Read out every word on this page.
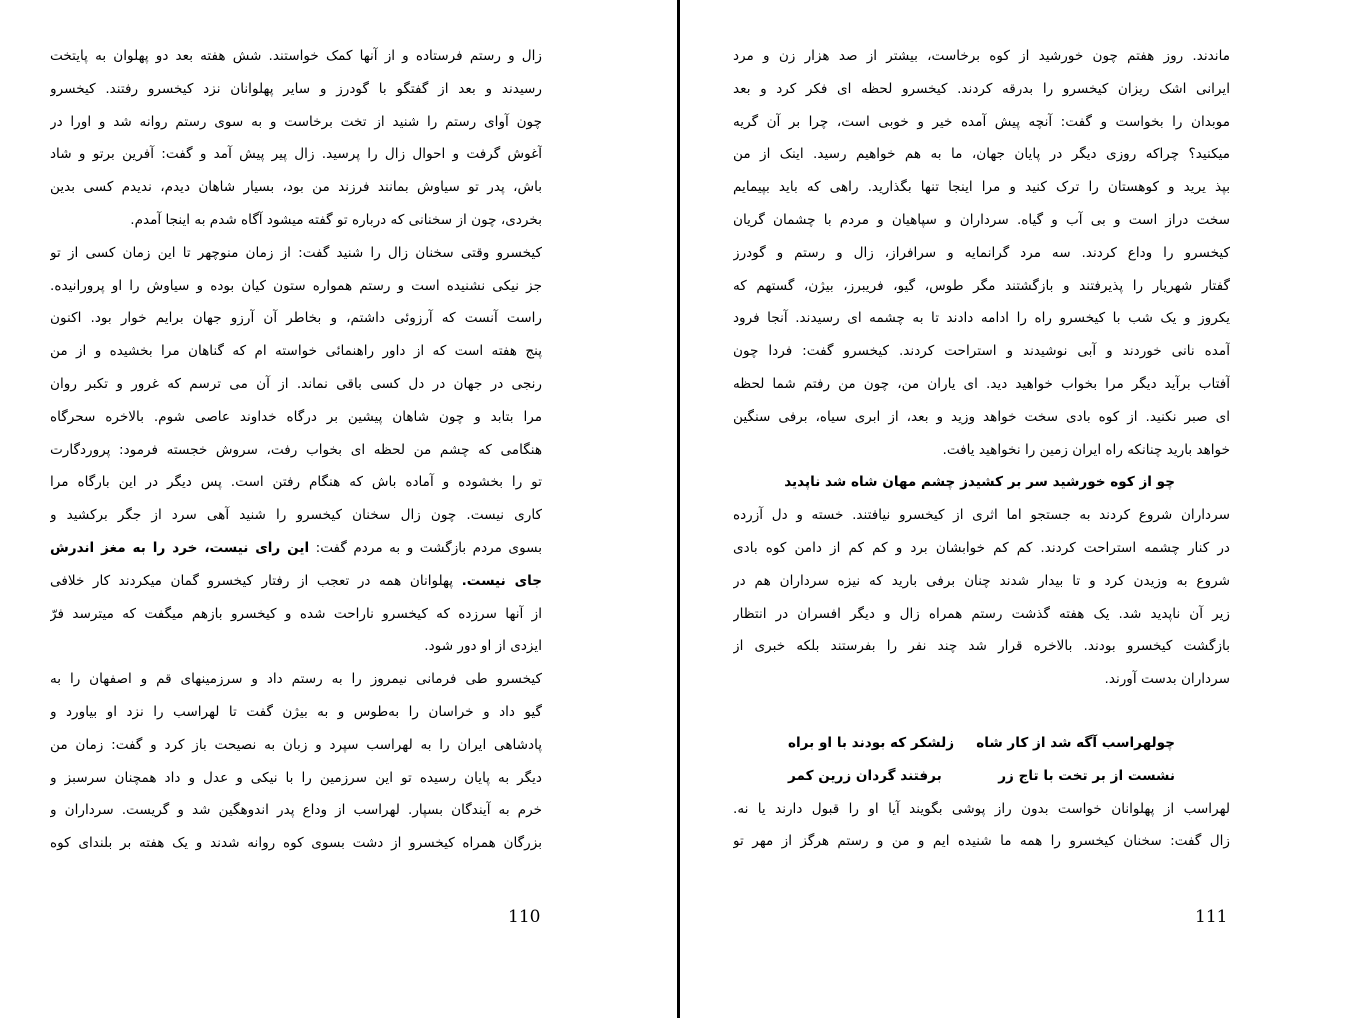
زال و رستم فرستاده و از آنها کمک خواستند. شش هفته بعد دو پهلوان به پایتخت
رسیدند و بعد از گفتگو با گودرز و سایر پهلوانان نزد کیخسرو رفتند. کیخسرو
چون آوای رستم را شنید از تخت برخاست و به سوی رستم روانه شد و اورا در
آغوش گرفت و احوال زال را پرسید. زال پیر پیش آمد و گفت: آفرین برتو و شاد
باش، پدر تو سیاوش بمانند فرزند من بود، بسیار شاهان دیدم، ندیدم کسی بدین
بخردی، چون از سخنانی که درباره تو گفته میشود آگاه شدم به اینجا آمدم.
کیخسرو وقتی سخنان زال را شنید گفت: از زمان منوچهر تا این زمان کسی از تو
جز نیکی نشنیده است و رستم همواره ستون کیان بوده و سیاوش را او پرورانیده.
راست آنست که آرزوئی داشتم، و بخاطر آن آرزو جهان برایم خوار بود. اکنون
پنج هفته است که از داور راهنمائی خواسته ام که گناهان مرا بخشیده و از من
رنجی در جهان در دل کسی باقی نماند. از آن می ترسم که غرور و تکبر روان
مرا بتابد و چون شاهان پیشین بر درگاه خداوند عاصی شوم. بالاخره سحرگاه
هنگامی که چشم من لحظه ای بخواب رفت، سروش خجسته فرمود: پروردگارت
تو را بخشوده و آماده باش که هنگام رفتن است. پس دیگر در این بارگاه مرا
کاری نیست. چون زال سخنان کیخسرو را شنید آهی سرد از جگر برکشید و
بسوی مردم بازگشت و به مردم گفت: این رای نیست، خرد را به مغز اندرش
جای نیست. پهلوانان همه در تعجب از رفتار کیخسرو گمان میکردند کار خلافی
از آنها سرزده که کیخسرو ناراحت شده و کیخسرو بازهم میگفت که میترسد فرّ
ایزدی از او دور شود.
کیخسرو طی فرمانی نیمروز را به رستم داد و سرزمینهای قم و اصفهان را به
گیو داد و خراسان را به‌طوس و به بیژن گفت تا لهراسب را نزد او بیاورد و
پادشاهی ایران را به لهراسب سپرد و زبان به نصیحت باز کرد و گفت: زمان من
دیگر به پایان رسیده تو این سرزمین را با نیکی و عدل و داد همچنان سرسبز و
خرم به آیندگان بسپار. لهراسب از وداع پدر اندوهگین شد و گریست. سرداران و
بزرگان همراه کیخسرو از دشت بسوی کوه روانه شدند و یک هفته بر بلندای کوه
110
ماندند. روز هفتم چون خورشید از کوه برخاست، بیشتر از صد هزار زن و مرد
ایرانی اشک ریزان کیخسرو را بدرقه کردند. کیخسرو لحظه ای فکر کرد و بعد
موبدان را بخواست و گفت: آنچه پیش آمده خیر و خوبی است، چرا بر آن گریه
میکنید؟ چراکه روزی دیگر در پایان جهان، ما به هم خواهیم رسید. اینک از من
بپذ یرید و کوهستان را ترک کنید و مرا اینجا تنها بگذارید. راهی که باید بپیمایم
سخت دراز است و بی آب و گیاه. سرداران و سپاهیان و مردم با چشمان گریان
کیخسرو را وداع کردند. سه مرد گرانمایه و سرافراز، زال و رستم و گودرز
گفتار شهریار را پذیرفتند و بازگشتند مگر طوس، گیو، فریبرز، بیژن، گستهم که
یکروز و یک شب با کیخسرو راه را ادامه دادند تا به چشمه ای رسیدند. آنجا فرود
آمده نانی خوردند و آبی نوشیدند و استراحت کردند. کیخسرو گفت: فردا چون
آفتاب برآید دیگر مرا بخواب خواهید دید. ای یاران من، چون من رفتم شما لحظه
ای صبر نکنید. از کوه بادی سخت خواهد وزید و بعد، از ابری سیاه، برفی سنگین
خواهد بارید چنانکه راه ایران زمین را نخواهید یافت.
چو از کوه خورشید سر بر کشید
ز چشم مهان شاه شد ناپدید
سرداران شروع کردند به جستجو اما اثری از کیخسرو نیافتند. خسته و دل آزرده
در کنار چشمه استراحت کردند. کم کم خوابشان برد و کم کم از دامن کوه بادی
شروع به وزیدن کرد و تا بیدار شدند چنان برفی بارید که نیزه سرداران هم در
زیر آن ناپدید شد. یک هفته گذشت رستم همراه زال و دیگر افسران در انتظار
بازگشت کیخسرو بودند. بالاخره قرار شد چند نفر را بفرستند بلکه خبری از
سرداران بدست آورند.
چولهراسب آگه شد از کار شاه
زلشکر که بودند با او براه
نشست از بر تخت با تاج زر
برفتند گردان زرین کمر
لهراسب از پهلوانان خواست بدون راز پوشی بگویند آیا او را قبول دارند یا نه.
زال گفت: سخنان کیخسرو را همه ما شنیده ایم و من و رستم هرگز از مهر تو
111
